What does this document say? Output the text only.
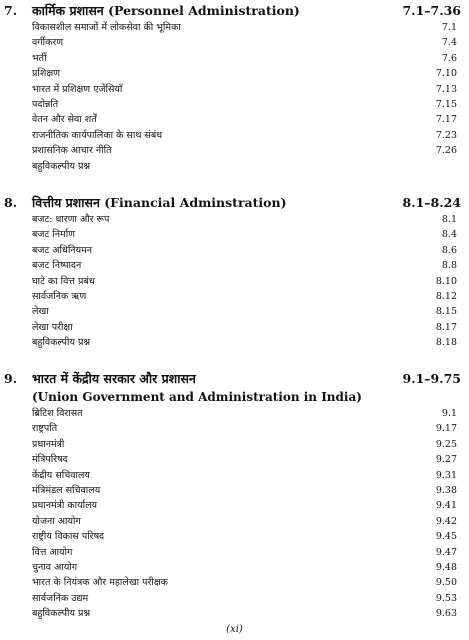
7. कार्मिक प्रशासन (Personnel Administration)	7.1–7.36
विकासशील समाजों में लोकसेवा की भूमिका	7.1
वर्गीकरण	7.4
भर्ती	7.6
प्रशिक्षण	7.10
भारत में प्रशिक्षण एजेंसियाँ	7.13
पदोन्नति	7.15
वेतन और सेवा शर्तें	7.17
राजनीतिक कार्यपालिका के साथ संबंध	7.23
प्रशासनिक आचार नीति	7.26
बहुविकल्पीय प्रश्न
8. वित्तीय प्रशासन (Financial Adminstration)	8.1–8.24
बजट: धारणा और रूप	8.1
बजट निर्माण	8.4
बजट अधिनियमन	8.6
बजट निष्पादन	8.8
घाटे का वित्त प्रबंध	8.10
सार्वजनिक ऋण	8.12
लेखा	8.15
लेखा परीक्षा	8.17
बहुविकल्पीय प्रश्न	8.18
9. भारत में केंद्रीय सरकार और प्रशासन	9.1–9.75
(Union Government and Administration in India)
ब्रिटिश विरासत	9.1
राष्ट्रपति	9.17
प्रधानमंत्री	9.25
मंत्रिपरिषद	9.27
केंद्रीय सचिवालय	9.31
मंत्रिमंडल सचिवालय	9.38
प्रधानमंत्री कार्यालय	9.41
योजना आयोग	9.42
राष्ट्रीय विकास परिषद	9.45
वित्त आयोग	9.47
चुनाव आयोग	9.48
भारत के नियंत्रक और महालेखा परीक्षक	9.50
सार्वजनिक उद्यम	9.53
बहुविकल्पीय प्रश्न	9.63
(xi)
